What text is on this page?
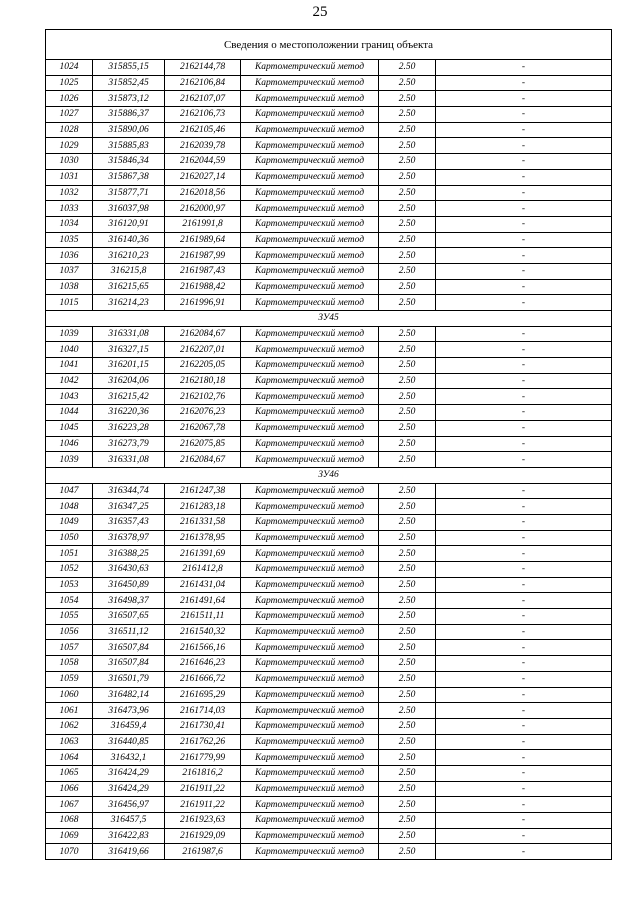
25
Сведения о местоположении границ объекта					
1024	315855,15	2162144,78	Картометрический метод	2.50	-
1025	315852,45	2162106,84	Картометрический метод	2.50	-
1026	315873,12	2162107,07	Картометрический метод	2.50	-
1027	315886,37	2162106,73	Картометрический метод	2.50	-
1028	315890,06	2162105,46	Картометрический метод	2.50	-
1029	315885,83	2162039,78	Картометрический метод	2.50	-
1030	315846,34	2162044,59	Картометрический метод	2.50	-
1031	315867,38	2162027,14	Картометрический метод	2.50	-
1032	315877,71	2162018,56	Картометрический метод	2.50	-
1033	316037,98	2162000,97	Картометрический метод	2.50	-
1034	316120,91	2161991,8	Картометрический метод	2.50	-
1035	316140,36	2161989,64	Картометрический метод	2.50	-
1036	316210,23	2161987,99	Картометрический метод	2.50	-
1037	316215,8	2161987,43	Картометрический метод	2.50	-
1038	316215,65	2161988,42	Картометрический метод	2.50	-
1015	316214,23	2161996,91	Картометрический метод	2.50	-
ЗУ45					
1039	316331,08	2162084,67	Картометрический метод	2.50	-
1040	316327,15	2162207,01	Картометрический метод	2.50	-
1041	316201,15	2162205,05	Картометрический метод	2.50	-
1042	316204,06	2162180,18	Картометрический метод	2.50	-
1043	316215,42	2162102,76	Картометрический метод	2.50	-
1044	316220,36	2162076,23	Картометрический метод	2.50	-
1045	316223,28	2162067,78	Картометрический метод	2.50	-
1046	316273,79	2162075,85	Картометрический метод	2.50	-
1039	316331,08	2162084,67	Картометрический метод	2.50	-
ЗУ46					
1047	316344,74	2161247,38	Картометрический метод	2.50	-
1048	316347,25	2161283,18	Картометрический метод	2.50	-
1049	316357,43	2161331,58	Картометрический метод	2.50	-
1050	316378,97	2161378,95	Картометрический метод	2.50	-
1051	316388,25	2161391,69	Картометрический метод	2.50	-
1052	316430,63	2161412,8	Картометрический метод	2.50	-
1053	316450,89	2161431,04	Картометрический метод	2.50	-
1054	316498,37	2161491,64	Картометрический метод	2.50	-
1055	316507,65	2161511,11	Картометрический метод	2.50	-
1056	316511,12	2161540,32	Картометрический метод	2.50	-
1057	316507,84	2161566,16	Картометрический метод	2.50	-
1058	316507,84	2161646,23	Картометрический метод	2.50	-
1059	316501,79	2161666,72	Картометрический метод	2.50	-
1060	316482,14	2161695,29	Картометрический метод	2.50	-
1061	316473,96	2161714,03	Картометрический метод	2.50	-
1062	316459,4	2161730,41	Картометрический метод	2.50	-
1063	316440,85	2161762,26	Картометрический метод	2.50	-
1064	316432,1	2161779,99	Картометрический метод	2.50	-
1065	316424,29	2161816,2	Картометрический метод	2.50	-
1066	316424,29	2161911,22	Картометрический метод	2.50	-
1067	316456,97	2161911,22	Картометрический метод	2.50	-
1068	316457,5	2161923,63	Картометрический метод	2.50	-
1069	316422,83	2161929,09	Картометрический метод	2.50	-
1070	316419,66	2161987,6	Картометрический метод	2.50	-
